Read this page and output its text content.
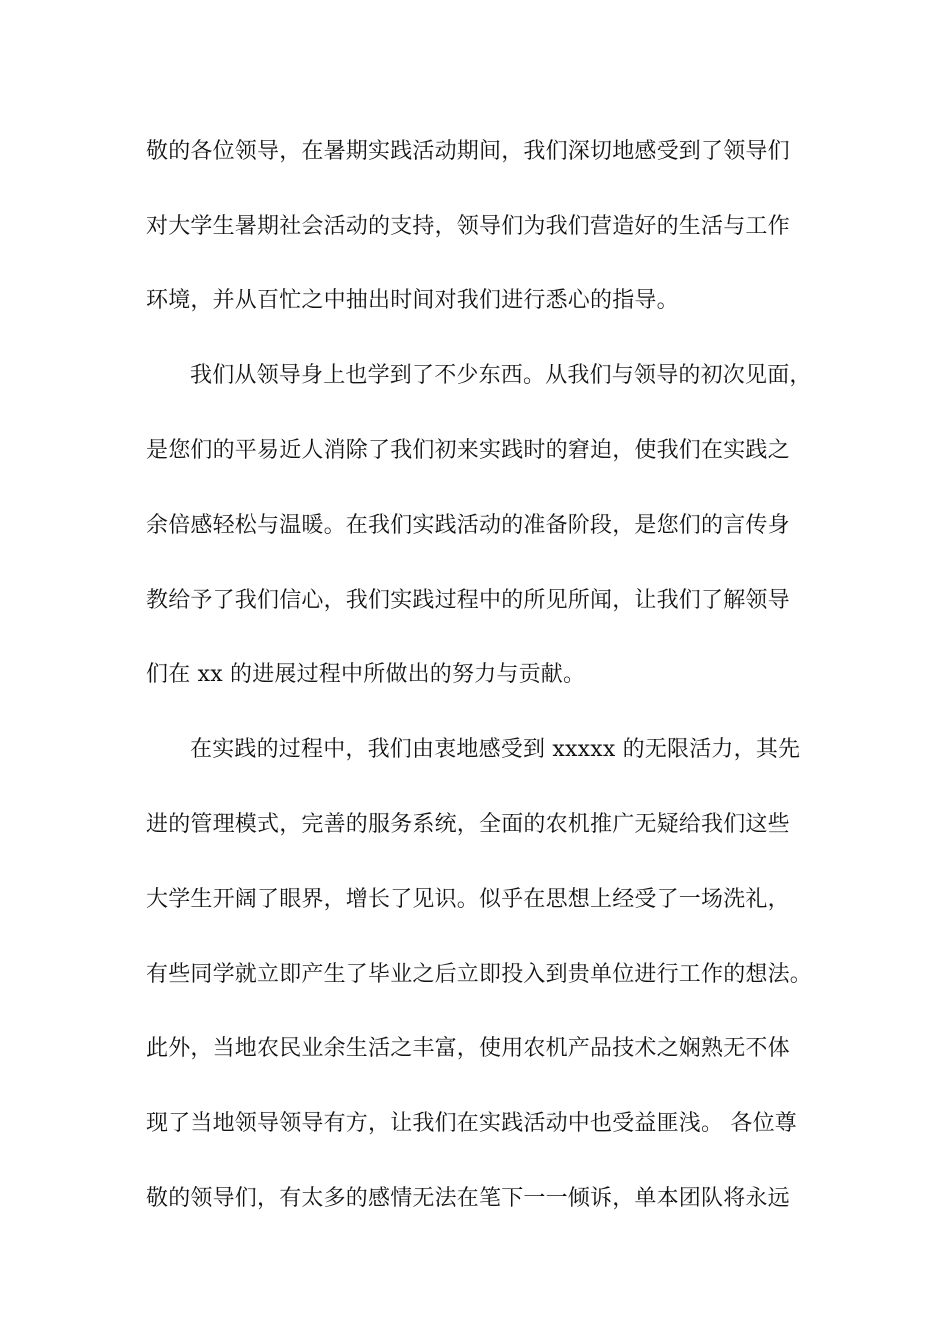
敬的各位领导，在暑期实践活动期间，我们深切地感受到了领导们
对大学生暑期社会活动的支持，领导们为我们营造好的生活与工作
环境，并从百忙之中抽出时间对我们进行悉心的指导。
我们从领导身上也学到了不少东西。从我们与领导的初次见面，
是您们的平易近人消除了我们初来实践时的窘迫，使我们在实践之
余倍感轻松与温暖。在我们实践活动的准备阶段，是您们的言传身
教给予了我们信心，我们实践过程中的所见所闻，让我们了解领导
们在 xx 的进展过程中所做出的努力与贡献。
在实践的过程中，我们由衷地感受到 xxxxx 的无限活力，其先
进的管理模式，完善的服务系统，全面的农机推广无疑给我们这些
大学生开阔了眼界，增长了见识。似乎在思想上经受了一场洗礼，
有些同学就立即产生了毕业之后立即投入到贵单位进行工作的想法。
此外，当地农民业余生活之丰富，使用农机产品技术之娴熟无不体
现了当地领导领导有方，让我们在实践活动中也受益匪浅。 各位尊
敬的领导们，有太多的感情无法在笔下一一倾诉，单本团队将永远
